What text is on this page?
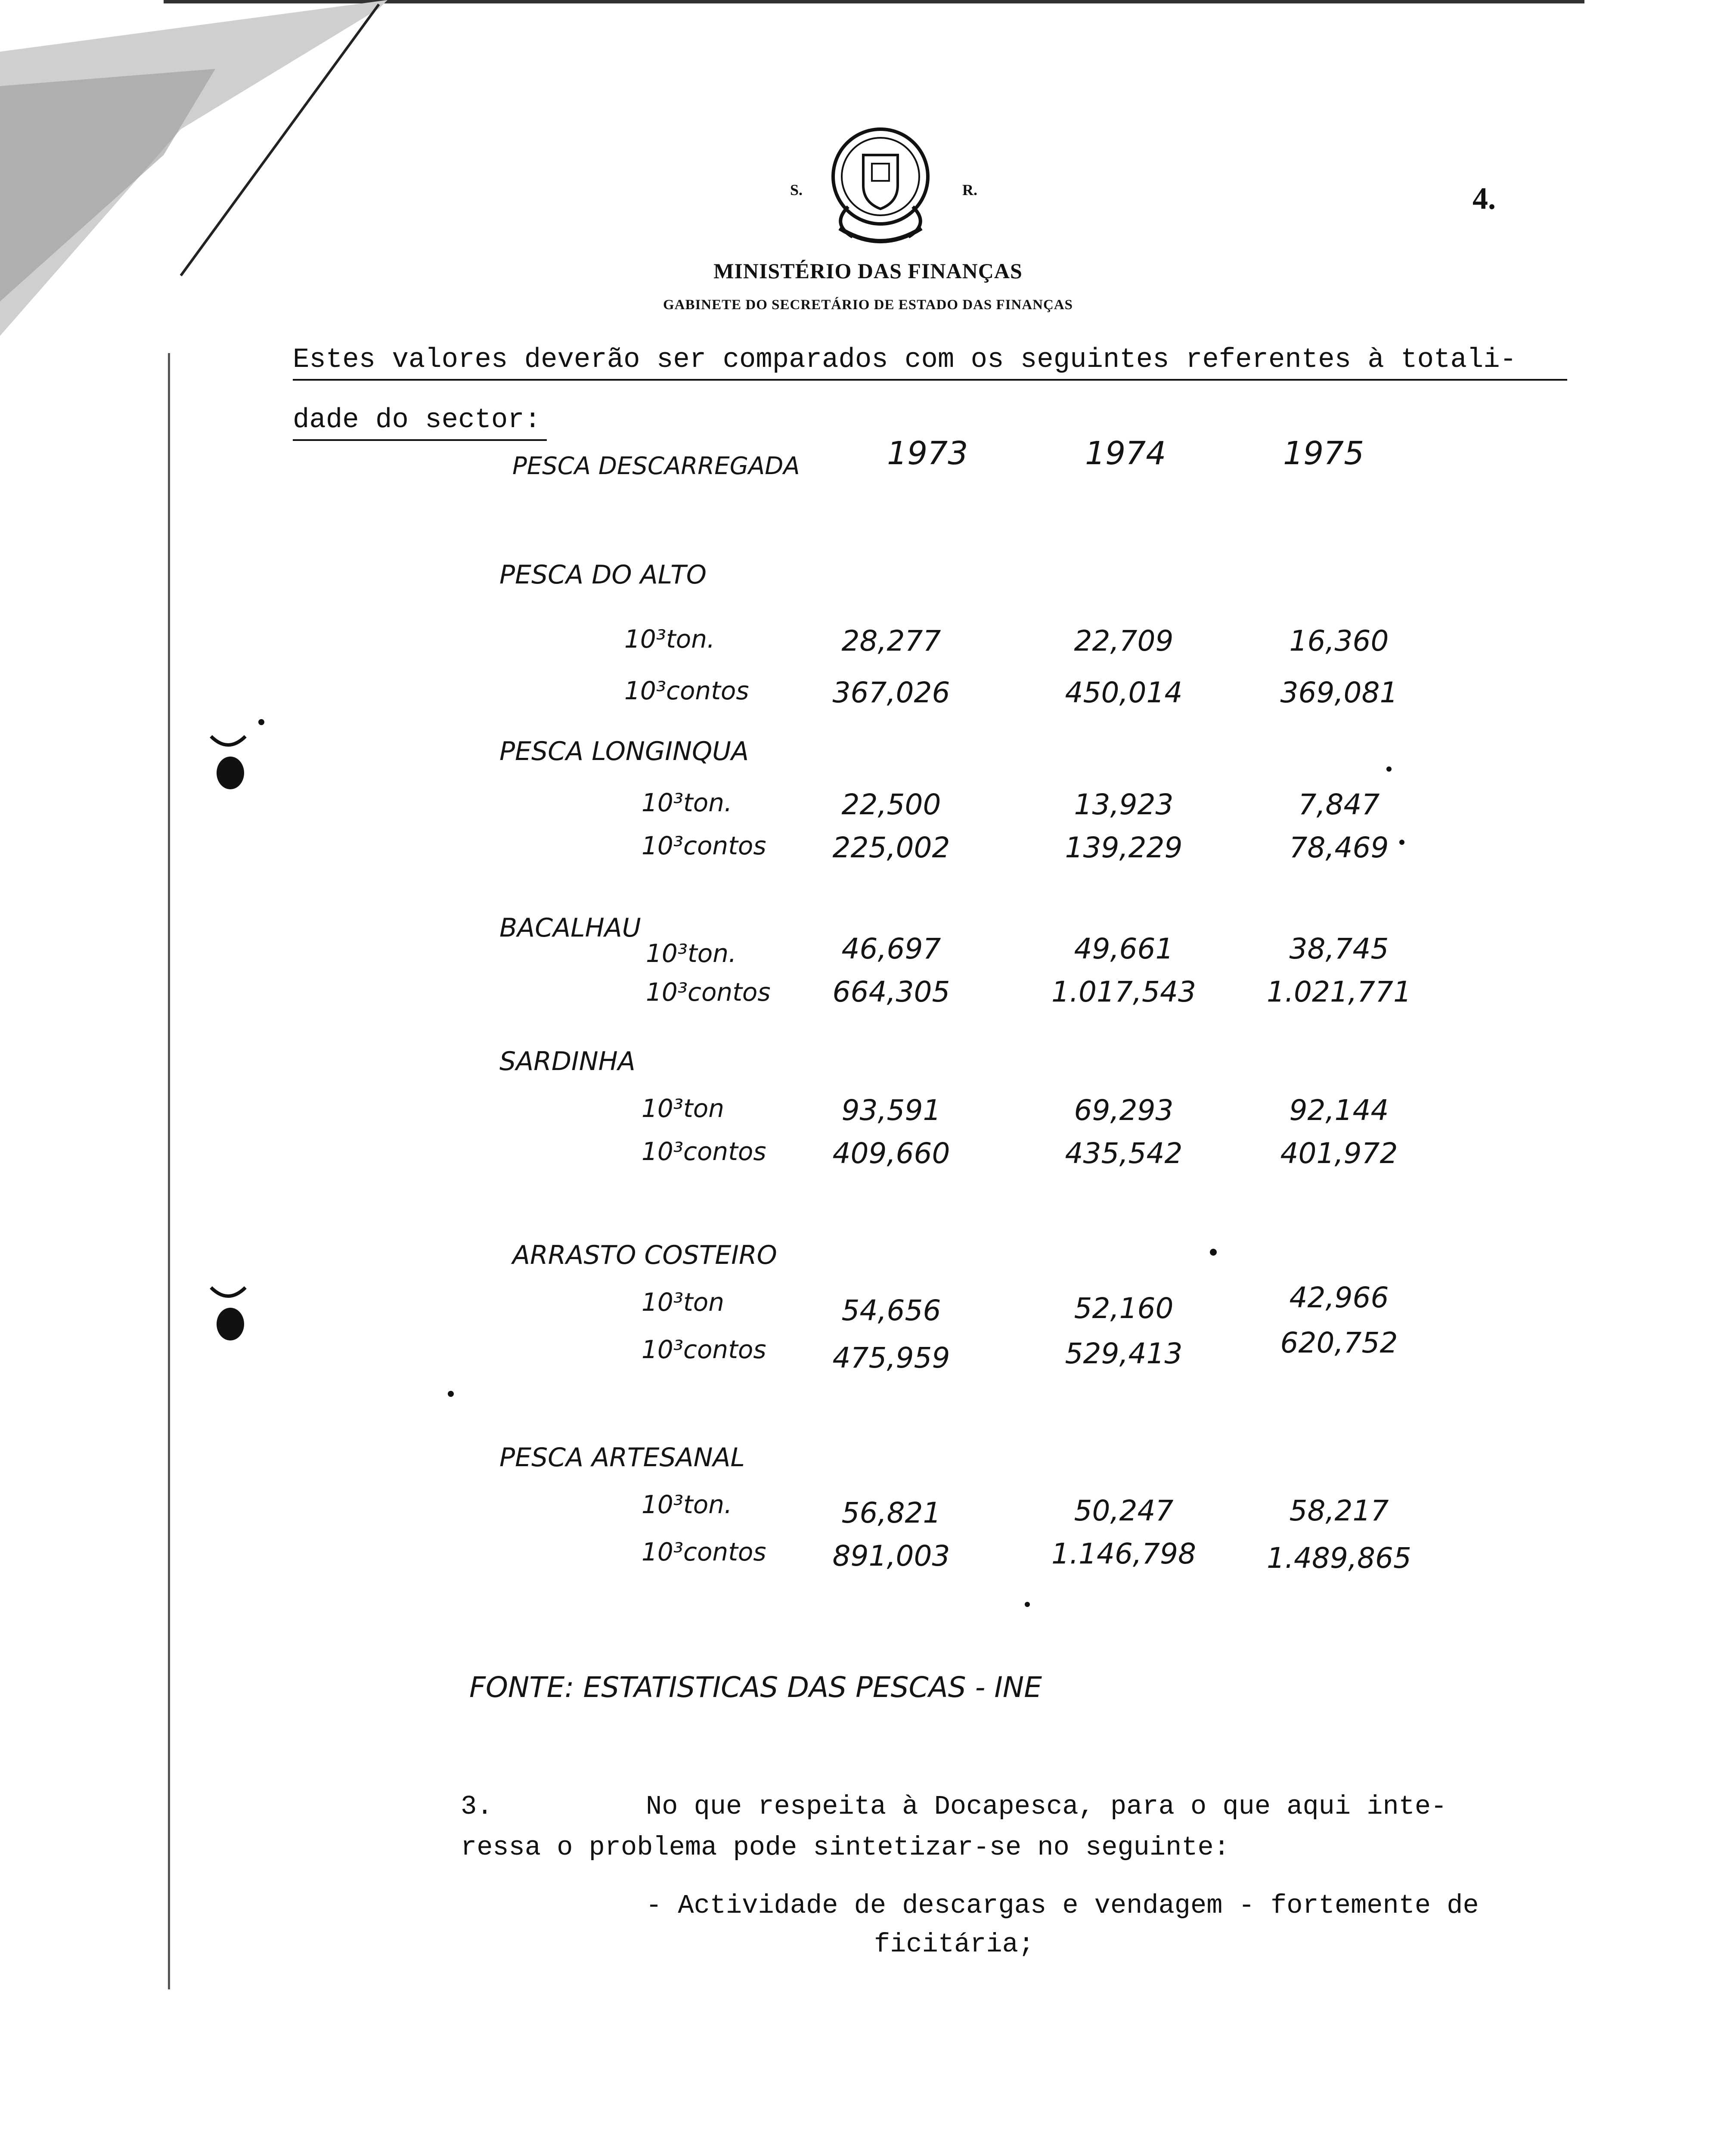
S.	R.	4.
MINISTÉRIO DAS FINANÇAS
GABINETE DO SECRETÁRIO DE ESTADO DAS FINANÇAS
Estes valores deverão ser comparados com os seguintes referentes à totali-
dade do sector:
PESCA DESCARREGADA	1973	1974	1975
PESCA DO ALTO
10³ton.	28,277	22,709	16,360
10³contos	367,026	450,014	369,081
PESCA LONGINQUA
10³ton.	22,500	13,923	7,847
10³contos	225,002	139,229	78,469
BACALHAU
10³ton.	46,697	49,661	38,745
10³contos	664,305	1.017,543	1.021,771
SARDINHA
10³ton	93,591	69,293	92,144
10³contos	409,660	435,542	401,972
ARRASTO COSTEIRO
10³ton	54,656	52,160	42,966
10³contos	475,959	529,413	620,752
PESCA ARTESANAL
10³ton.	56,821	50,247	58,217
10³contos	891,003	1.146,798	1.489,865
FONTE: ESTATISTICAS DAS PESCAS - INE
3.	No que respeita à Docapesca, para o que aqui inte-
ressa o problema pode sintetizar-se no seguinte:
- Actividade de descargas e vendagem - fortemente de
ficitária;
